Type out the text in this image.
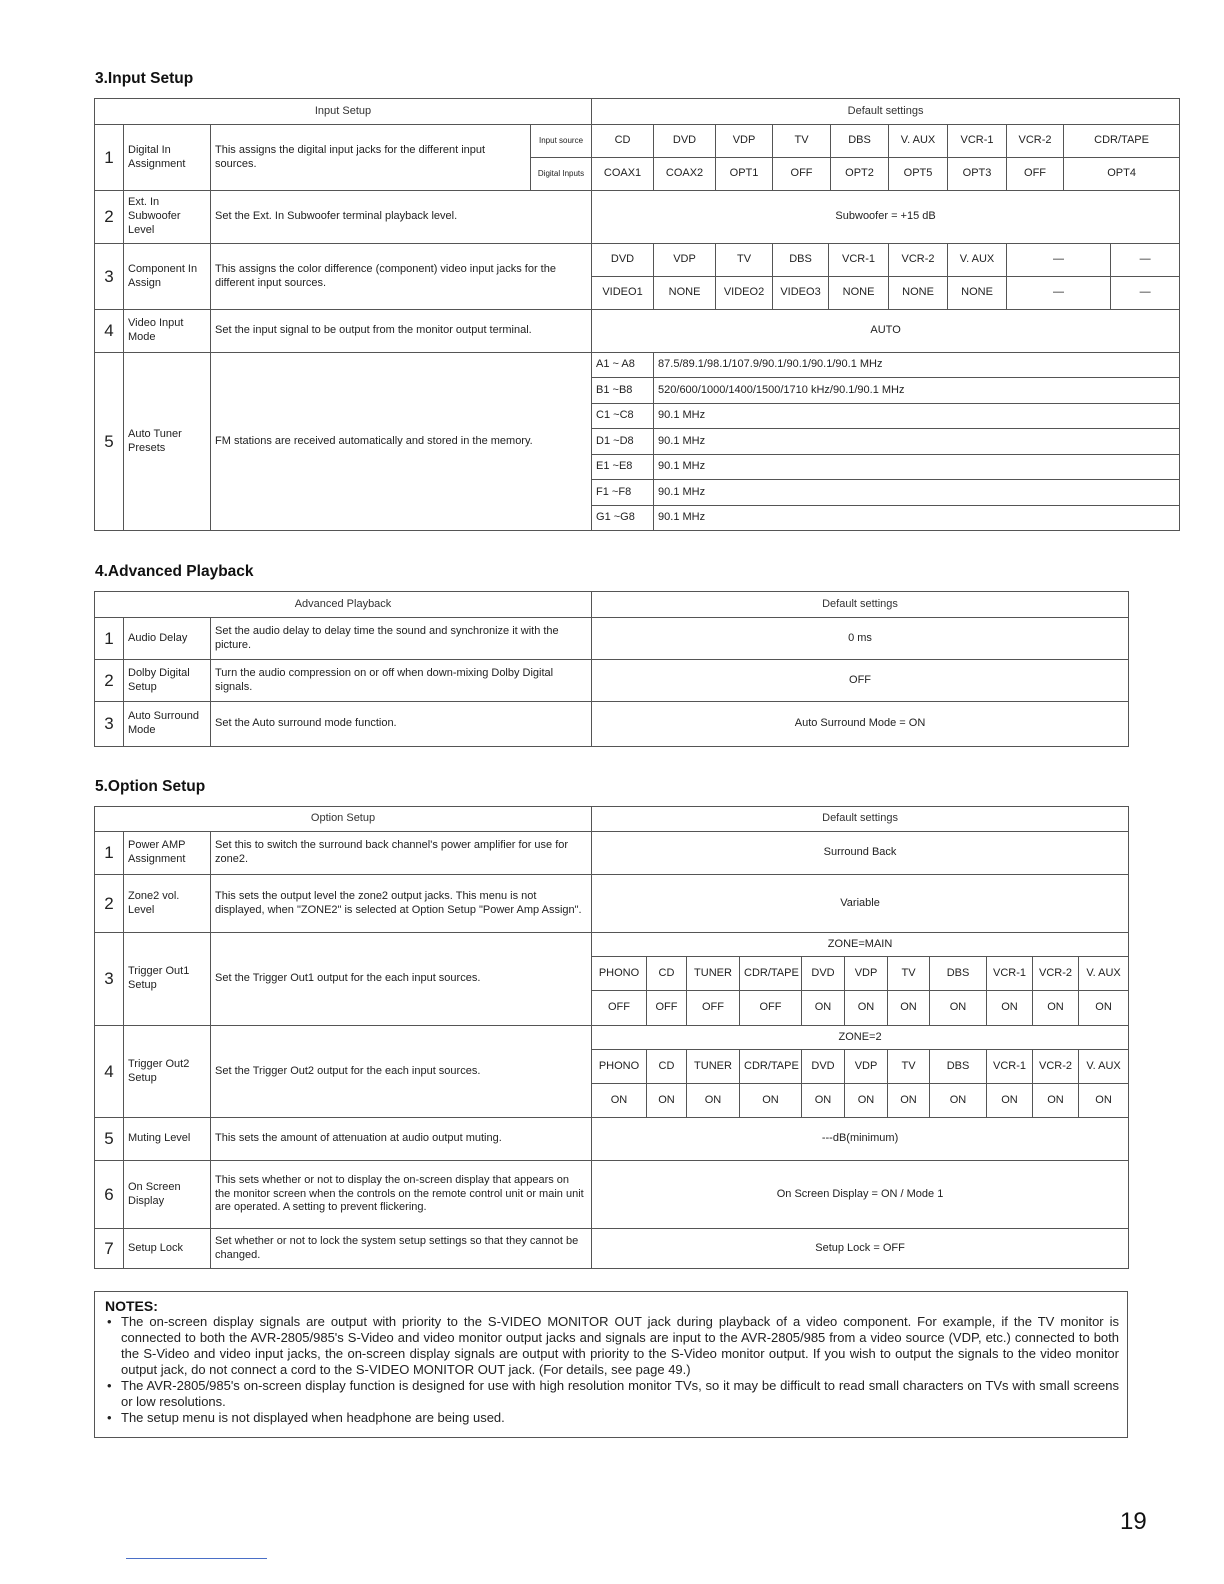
3.Input Setup
Input Setup				Default settings										
1	Digital In Assignment	This assigns the digital input jacks for the different input sources.	Input source	CD	DVD	VDP	TV		DBS	V. AUX	VCR-1	VCR-2	CDR/TAPE	
			Digital Inputs	COAX1	COAX2	OPT1	OFF		OPT2	OPT5	OPT3	OFF	OPT4	
2	Ext. In Subwoofer Level	Set the Ext. In Subwoofer terminal playback level.		Subwoofer = +15 dB										
3	Component In Assign	This assigns the color difference (component) video input jacks for the different input sources.		DVD	VDP	TV	DBS	VCR-1		VCR-2	V. AUX	—		—
				VIDEO1	NONE	VIDEO2	VIDEO3	NONE		NONE	NONE	—		—
4	Video Input Mode	Set the input signal to be output from the monitor output terminal.		AUTO										
5	Auto Tuner Presets	FM stations are received automatically and stored in the memory.		A1 ~ A8	87.5/89.1/98.1/107.9/90.1/90.1/90.1/90.1 MHz									
				B1 ~B8	520/600/1000/1400/1500/1710 kHz/90.1/90.1 MHz									
				C1 ~C8	90.1 MHz									
				D1 ~D8	90.1 MHz									
				E1 ~E8	90.1 MHz									
				F1 ~F8	90.1 MHz									
				G1 ~G8	90.1 MHz									
4.Advanced Playback
Advanced Playback			Default settings
1	Audio Delay	Set the audio delay to delay time the sound and synchronize it with the picture.	0 ms
2	Dolby Digital Setup	Turn the audio compression on or off when down-mixing Dolby Digital signals.	OFF
3	Auto Surround Mode	Set the Auto surround mode function.	Auto Surround Mode = ON
5.Option Setup
Option Setup			Default settings										
1	Power AMP Assignment	Set this to switch the surround back channel's power amplifier for use for zone2.	Surround Back										
2	Zone2 vol. Level	This sets the output level the zone2 output jacks. This menu is not displayed, when "ZONE2" is selected at Option Setup "Power Amp Assign".	Variable										
3	Trigger Out1 Setup	Set the Trigger Out1 output for the each input sources.	ZONE=MAIN										
			PHONO	CD	TUNER	CDR/TAPE	DVD	VDP	TV	DBS	VCR-1	VCR-2	V. AUX
			OFF	OFF	OFF	OFF	ON	ON	ON	ON	ON	ON	ON
4	Trigger Out2 Setup	Set the Trigger Out2 output for the each input sources.	ZONE=2										
			PHONO	CD	TUNER	CDR/TAPE	DVD	VDP	TV	DBS	VCR-1	VCR-2	V. AUX
			ON	ON	ON	ON	ON	ON	ON	ON	ON	ON	ON
5	Muting Level	This sets the amount of attenuation at audio output muting.	---dB(minimum)										
6	On Screen Display	This sets whether or not to display the on-screen display that appears on the monitor screen when the controls on the remote control unit or main unit are operated. A setting to prevent flickering.	On Screen Display = ON / Mode 1										
7	Setup Lock	Set whether or not to lock the system setup settings so that they cannot be changed.	Setup Lock = OFF										
NOTES:
• The on-screen display signals are output with priority to the S-VIDEO MONITOR OUT jack during playback of a video component. For example, if the TV monitor is connected to both the AVR-2805/985's S-Video and video monitor output jacks and signals are input to the AVR-2805/985 from a video source (VDP, etc.) connected to both the S-Video and video input jacks, the on-screen display signals are output with priority to the S-Video monitor output. If you wish to output the signals to the video monitor output jack, do not connect a cord to the S-VIDEO MONITOR OUT jack. (For details, see page 49.)
• The AVR-2805/985's on-screen display function is designed for use with high resolution monitor TVs, so it may be difficult to read small characters on TVs with small screens or low resolutions.
• The setup menu is not displayed when headphone are being used.
19
